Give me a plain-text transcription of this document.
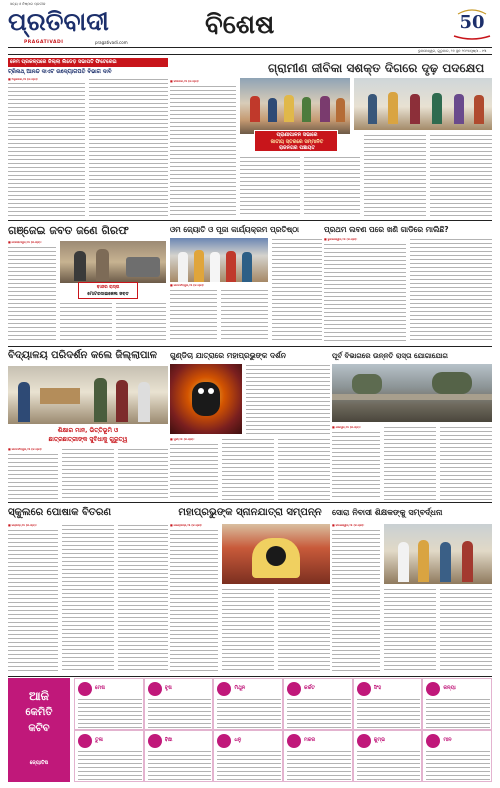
ସତ୍ୟ ଓ ନିଷ୍ଠାର ପ୍ରତୀକ
ପ୍ରତିବାଦୀ
PRAGATIVADI	pragativadi.com
ବିଶେଷ	50
ଭୁବନେଶ୍ୱର, ଗୁରୁବାର, ୨୬ ଜୁନ ୨୦୨୫ ପୃଷ୍ଠା - ୧୩
ନେମ ପ୍ରକଳ୍ପରେ ଜିଲ୍ଲା ଲିଡେଡ଼ ସଭାପତି ଫିଟେରେଇ
ଟ୍ରିନାଥ୍ ଆନନ୍ଦ ଦାଏଟ ଉଦ୍ୟୋଗପତି ବିଭାଗ ଦାବି
■ ଅନୁଗୋଳ,୨୫ (ନି.ପ୍ର):
ଗ୍ରାମୀଣ ଜୀବିକା ସଶକ୍ତ ଦିଗରେ ଦୃଢ଼ ପଦକ୍ଷେପ
■ ବାରିପଦା,୨୫ (ନି.ପ୍ର):
ପ୍ରାଣୀପାଳନ ସଭାରେ
ଜାତୀୟ ସ୍ତରରେ ସମ୍ମାନିତ
ରାଜନଗର ପଞ୍ଚାୟତ
ଗଞ୍ଜେଇ ଜବତ ଜଣେ ଗିରଫ
■ ବେରହାମପୁର,୨୫ (ନି.ପ୍ର):
ବାନ୍ଦର ରାସ୍ତା
ମୋଟରସାଇକେଲ ଜବତ
ଓମ ଜ୍ୟୋତି ଓ ପୂଜା କାର୍ଯ୍ୟକ୍ରମ ପ୍ରତିଷ୍ଠା
■ ଜଗତସିଂହପୁର,୨୫ (ନି.ପ୍ର):
ପ୍ରଥମ ଲବଣ ପରେ ଖଣି ଗାଡିରେ ମାଲିଛି?
■ ଭୁବନେଶ୍ୱର,୨୫ (ନି.ପ୍ର):
ବିଦ୍ୟାଳୟ ପରିଦର୍ଶନ କଲେ ଜିଲ୍ଲାପାଳ
ଶିକ୍ଷାର ମାନ, ଭିତ୍ତିଭୂମି ଓ
ଛାତ୍ରଛାତ୍ରୀଙ୍କ ସୁବିଧାକୁ ଗୁରୁତ୍ୱ
■ ଜଗତସିଂହପୁର,୨୫ (ନି.ପ୍ର):
ଗୁଣ୍ଡିଚା ଯାତ୍ରାରେ ମହାପ୍ରଭୁଙ୍କ ଦର୍ଶନ
■ ପୁରୀ,୨୫ (ନି.ପ୍ର):
ପୂର୍ବ ବିଭାଗରେ ଉନ୍ନତି ରାସ୍ତା ଯୋଗାଯୋଗ
■ ଯାଜପୁର,୨୫ (ନି.ପ୍ର):
ମହାପ୍ରଭୁଙ୍କ ସ୍ନାନଯାତ୍ରା ସମ୍ପନ୍ନ
■ କେନ୍ଦ୍ରାପଡ଼ା,୨୫ (ନି.ପ୍ର):
ସୋରା ନିବାସୀ ଶିକ୍ଷକଙ୍କୁ ସମ୍ବର୍ଦ୍ଧନା
■ ବାଲେଶ୍ୱର,୨୫ (ନି.ପ୍ର):
ସ୍କୁଲରେ ପୋଷାକ ବିତରଣ
■ ନୟାଗଡ଼,୨୫ (ନି.ପ୍ର):
ଆଜି
କେମିତି
କଟିବ
ଜ୍ୟୋତିଷ
ମେଷ	ବୃଷ	ମିଥୁନ	କର୍କଟ	ସିଂହ	କନ୍ୟା
ତୁଳା	ବିଛା	ଧନୁ	ମକର	କୁମ୍ଭ	ମୀନ
